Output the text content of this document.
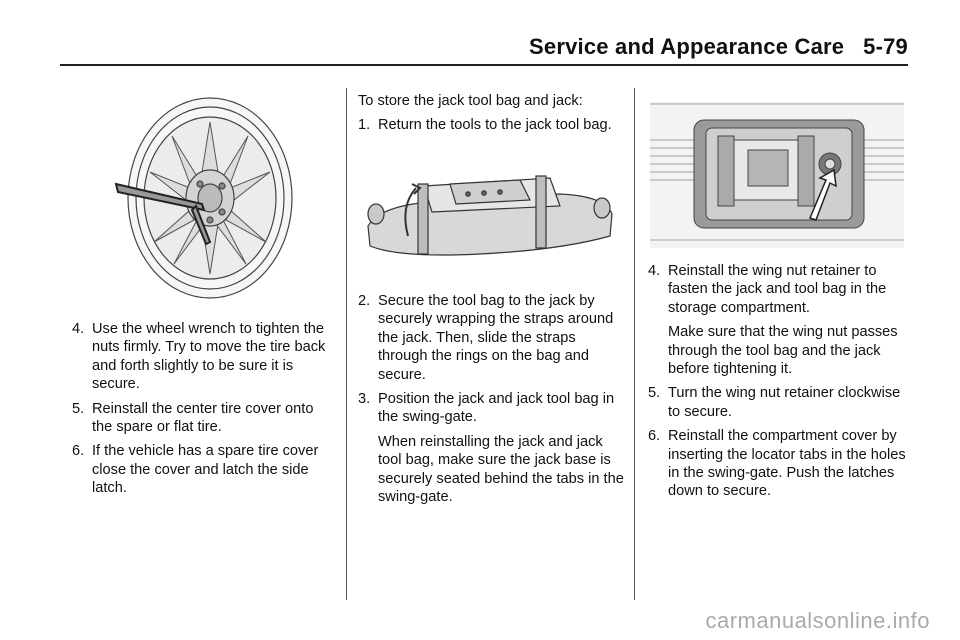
Service and Appearance Care 5-79
4. Use the wheel wrench to tighten the nuts firmly. Try to move the tire back and forth slightly to be sure it is secure.
5. Reinstall the center tire cover onto the spare or flat tire.
6. If the vehicle has a spare tire cover close the cover and latch the side latch.

To store the jack tool bag and jack:

1. Return the tools to the jack tool bag.
2. Secure the tool bag to the jack by securely wrapping the straps around the jack. Then, slide the straps through the rings on the bag and secure.
3. Position the jack and jack tool bag in the swing-gate.

When reinstalling the jack and jack tool bag, make sure the jack base is securely seated behind the tabs in the swing-gate.

4. Reinstall the wing nut retainer to fasten the jack and tool bag in the storage compartment.

Make sure that the wing nut passes through the tool bag and the jack before tightening it.

5. Turn the wing nut retainer clockwise to secure.
6. Reinstall the compartment cover by inserting the locator tabs in the holes in the swing-gate. Push the latches down to secure.
carmanualsonline.info
